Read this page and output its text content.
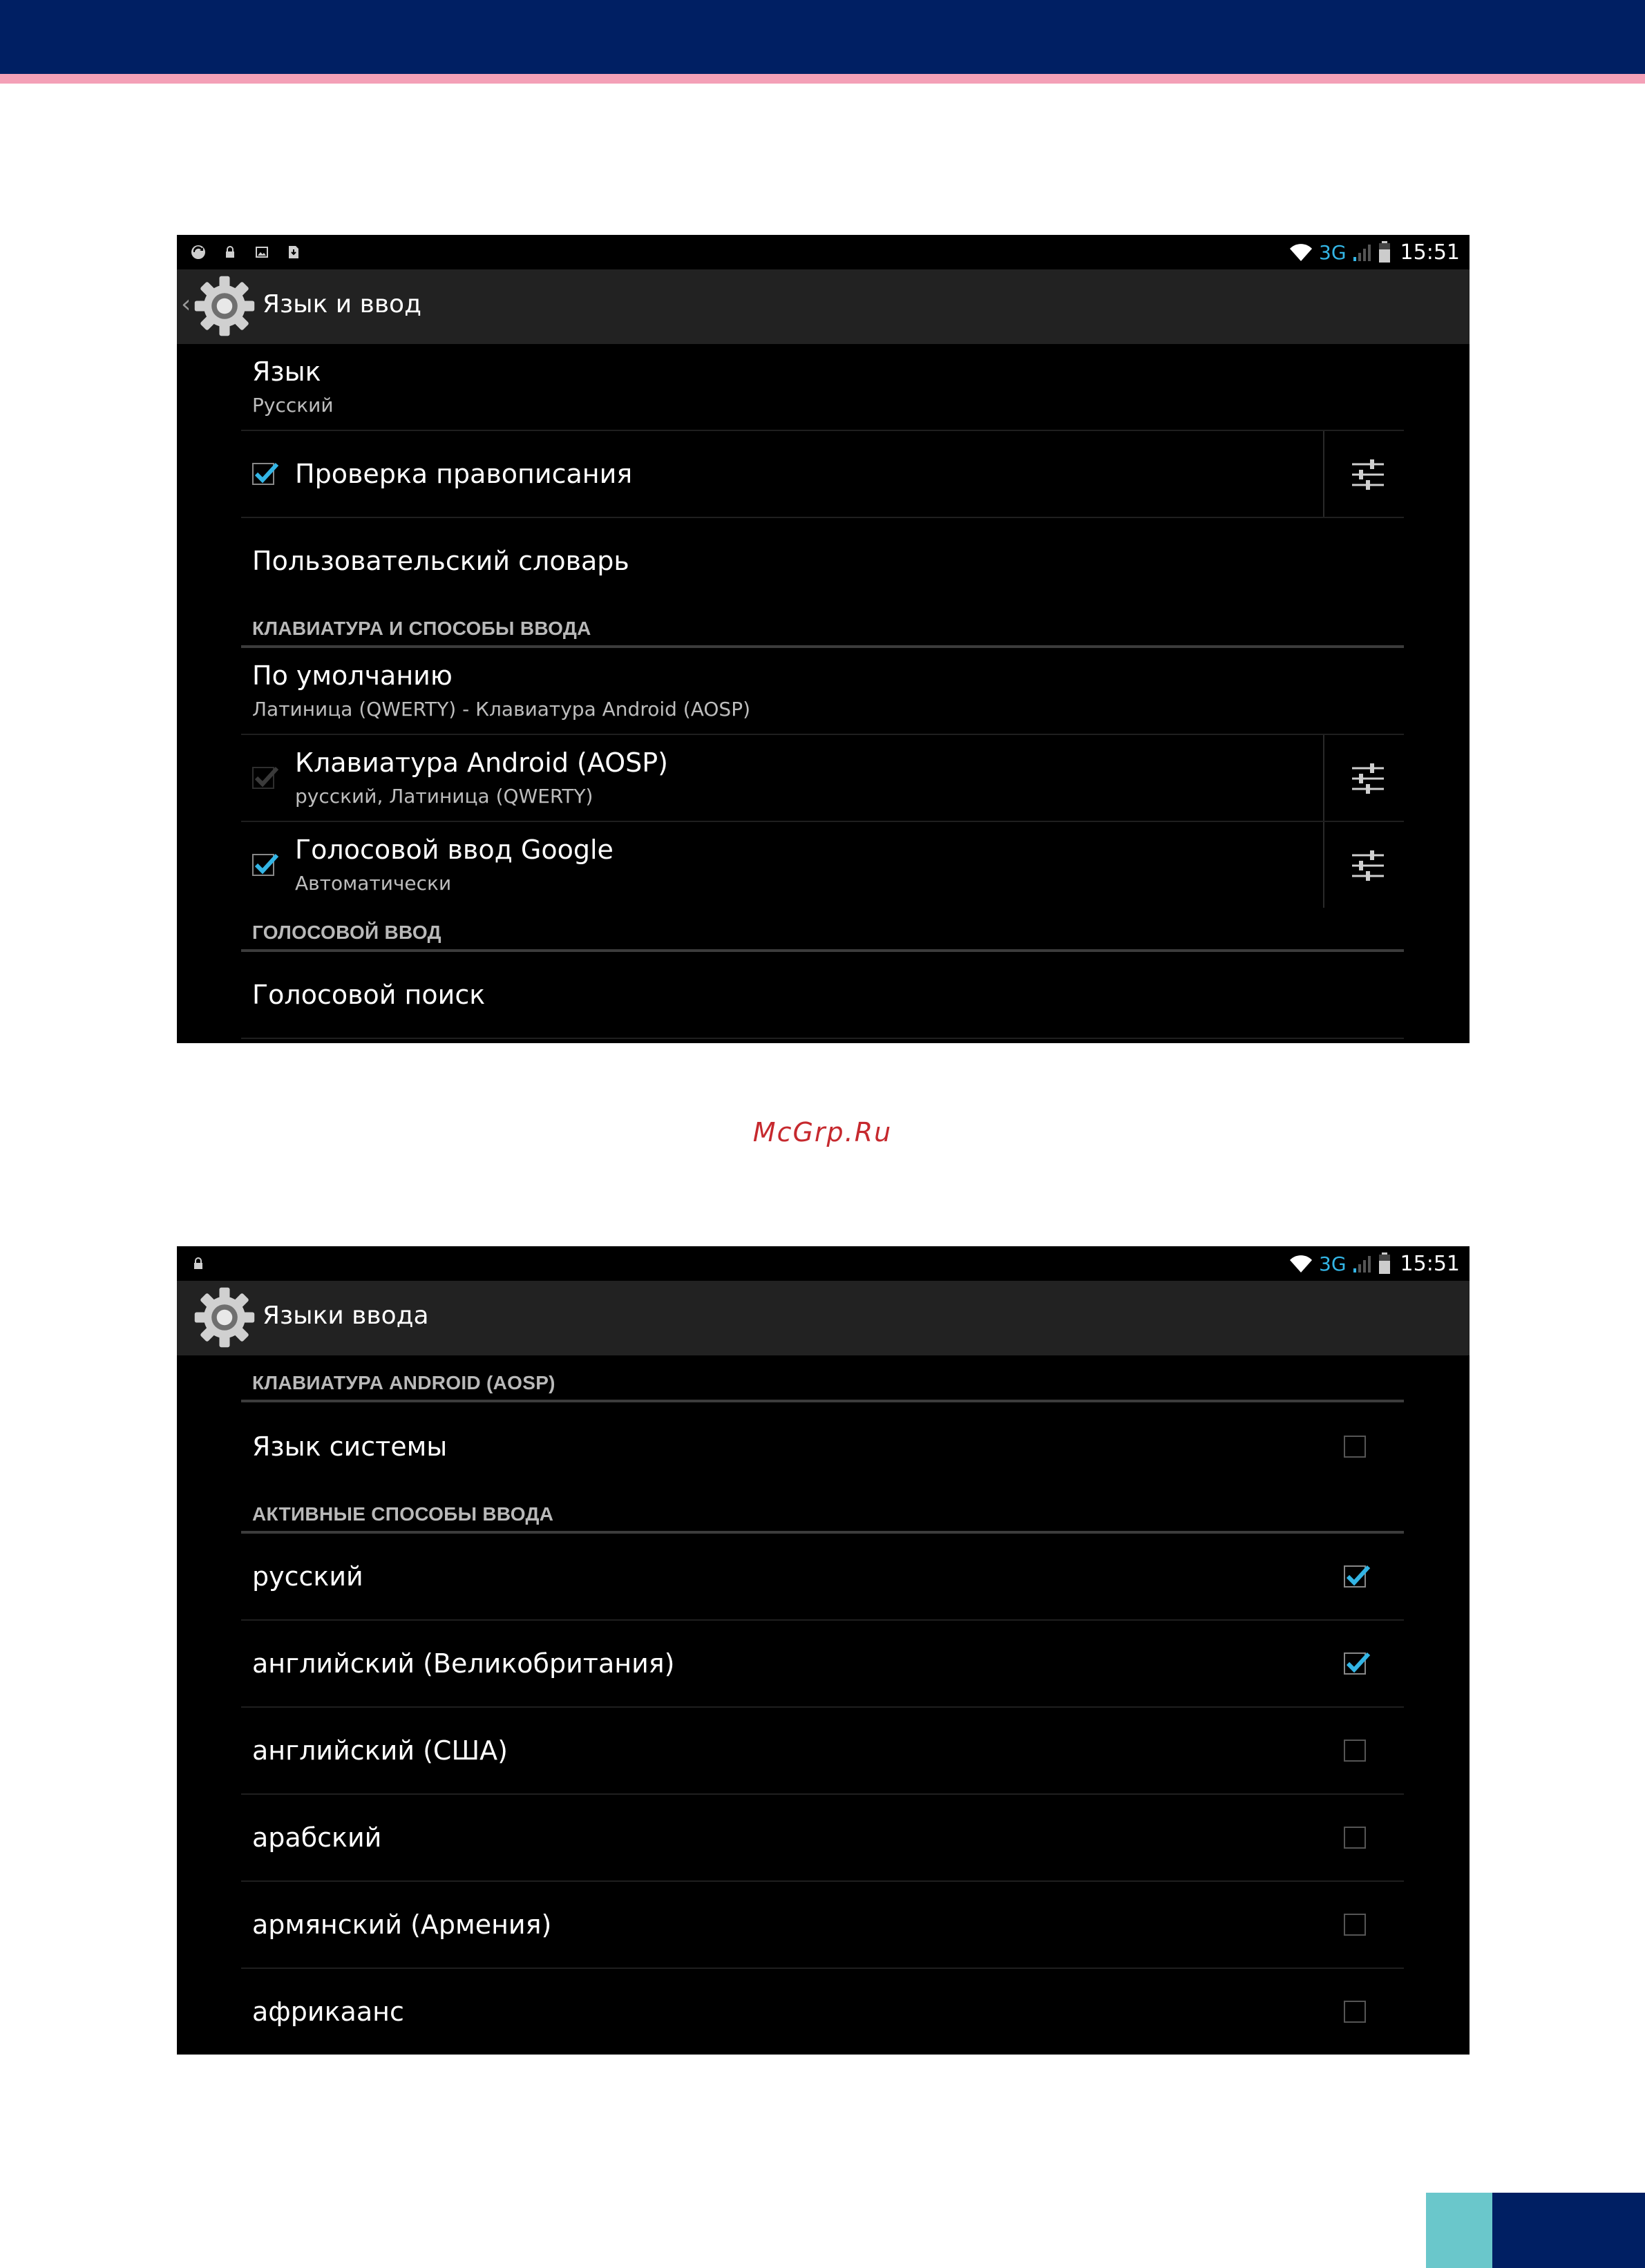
3G	15:51
‹	Язык и ввод
Язык
Русский
Проверка правописания
Пользовательский словарь
КЛАВИАТУРА И СПОСОБЫ ВВОДА
По умолчанию
Латиница (QWERTY) - Клавиатура Android (AOSP)
Клавиатура Android (AOSP)
русский, Латиница (QWERTY)
Голосовой ввод Google
Автоматически
ГОЛОСОВОЙ ВВОД
Голосовой поиск
McGrp.Ru
3G	15:51
Языки ввода
КЛАВИАТУРА ANDROID (AOSP)
Язык системы
АКТИВНЫЕ СПОСОБЫ ВВОДА
русский
английский (Великобритания)
английский (США)
арабский
армянский (Армения)
африкаанс
